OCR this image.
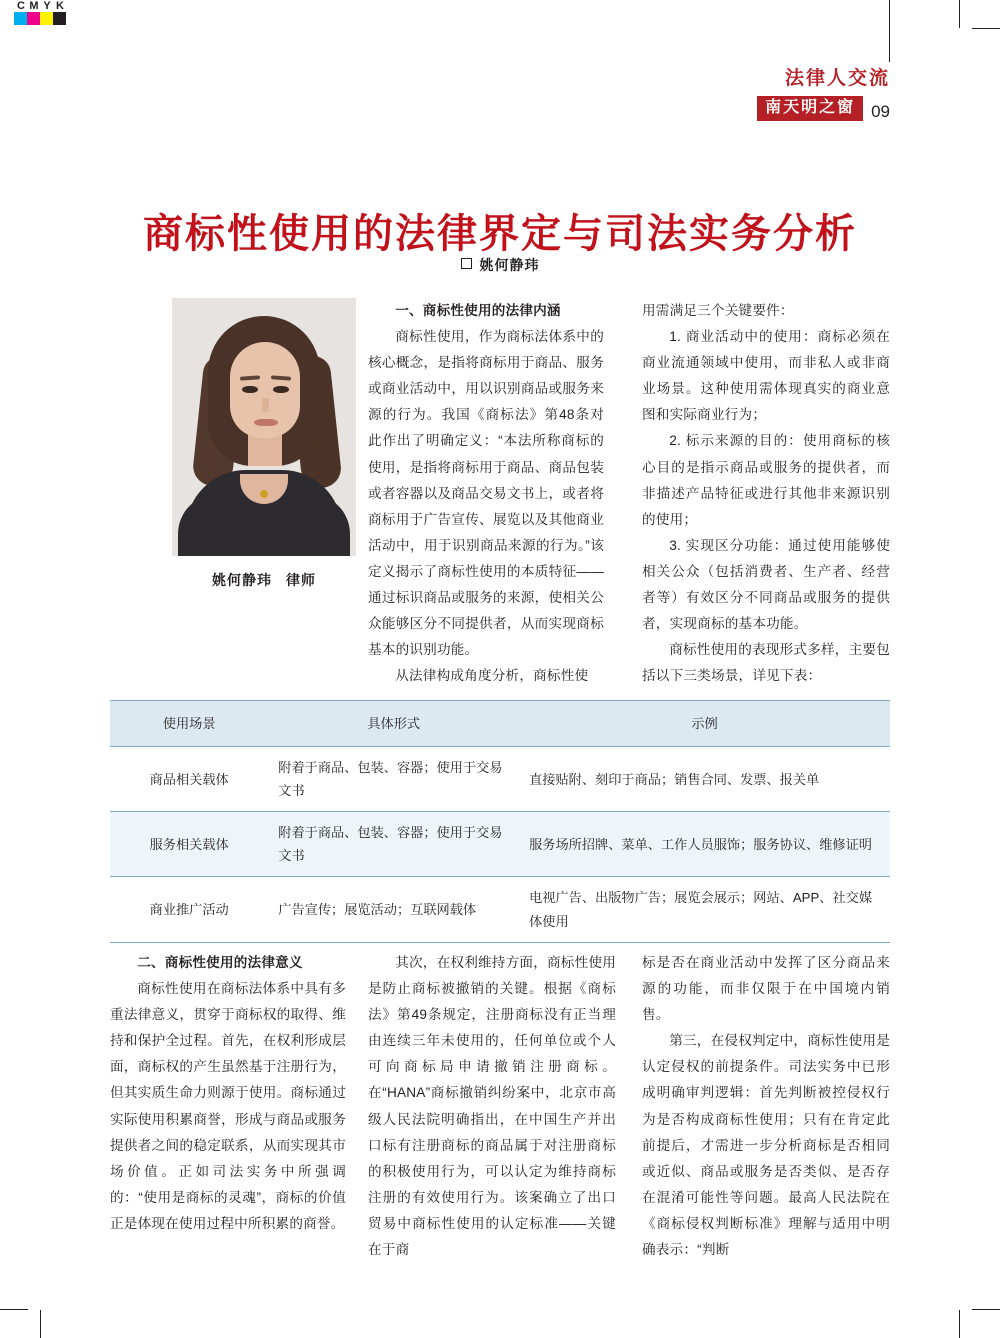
C M Y K
法律人交流
南天明之窗 09
商标性使用的法律界定与司法实务分析
姚何静玮
姚何静玮 律师

一、商标性使用的法律内涵

商标性使用，作为商标法体系中的核心概念，是指将商标用于商品、服务或商业活动中，用以识别商品或服务来源的行为。我国《商标法》第48条对此作出了明确定义：“本法所称商标的使用，是指将商标用于商品、商品包装或者容器以及商品交易文书上，或者将商标用于广告宣传、展览以及其他商业活动中，用于识别商品来源的行为。”该定义揭示了商标性使用的本质特征——通过标识商品或服务的来源，使相关公众能够区分不同提供者，从而实现商标基本的识别功能。

从法律构成角度分析，商标性使

用需满足三个关键要件：

1. 商业活动中的使用：商标必须在商业流通领域中使用，而非私人或非商业场景。这种使用需体现真实的商业意图和实际商业行为；

2. 标示来源的目的：使用商标的核心目的是指示商品或服务的提供者，而非描述产品特征或进行其他非来源识别的使用；

3. 实现区分功能：通过使用能够使相关公众（包括消费者、生产者、经营者等）有效区分不同商品或服务的提供者，实现商标的基本功能。

商标性使用的表现形式多样，主要包括以下三类场景，详见下表：

使用场景	具体形式	示例
商品相关载体	附着于商品、包装、容器；使用于交易文书	直接贴附、刻印于商品；销售合同、发票、报关单
服务相关载体	附着于商品、包装、容器；使用于交易文书	服务场所招牌、菜单、工作人员服饰；服务协议、维修证明
商业推广活动	广告宣传；展览活动；互联网载体	电视广告、出版物广告；展览会展示；网站、APP、社交媒体使用

二、商标性使用的法律意义

商标性使用在商标法体系中具有多重法律意义，贯穿于商标权的取得、维持和保护全过程。首先，在权利形成层面，商标权的产生虽然基于注册行为，但其实质生命力则源于使用。商标通过实际使用积累商誉，形成与商品或服务提供者之间的稳定联系，从而实现其市场价值。正如司法实务中所强调的：“使用是商标的灵魂”，商标的价值正是体现在使用过程中所积累的商誉。

其次，在权利维持方面，商标性使用是防止商标被撤销的关键。根据《商标法》第49条规定，注册商标没有正当理由连续三年未使用的，任何单位或个人可向商标局申请撤销注册商标。在“HANA”商标撤销纠纷案中，北京市高级人民法院明确指出，在中国生产并出口标有注册商标的商品属于对注册商标的积极使用行为，可以认定为维持商标注册的有效使用行为。该案确立了出口贸易中商标性使用的认定标准——关键在于商

标是否在商业活动中发挥了区分商品来源的功能，而非仅限于在中国境内销售。

第三，在侵权判定中，商标性使用是认定侵权的前提条件。司法实务中已形成明确审判逻辑：首先判断被控侵权行为是否构成商标性使用；只有在肯定此前提后，才需进一步分析商标是否相同或近似、商品或服务是否类似、是否存在混淆可能性等问题。最高人民法院在《商标侵权判断标准》理解与适用中明确表示：“判断
